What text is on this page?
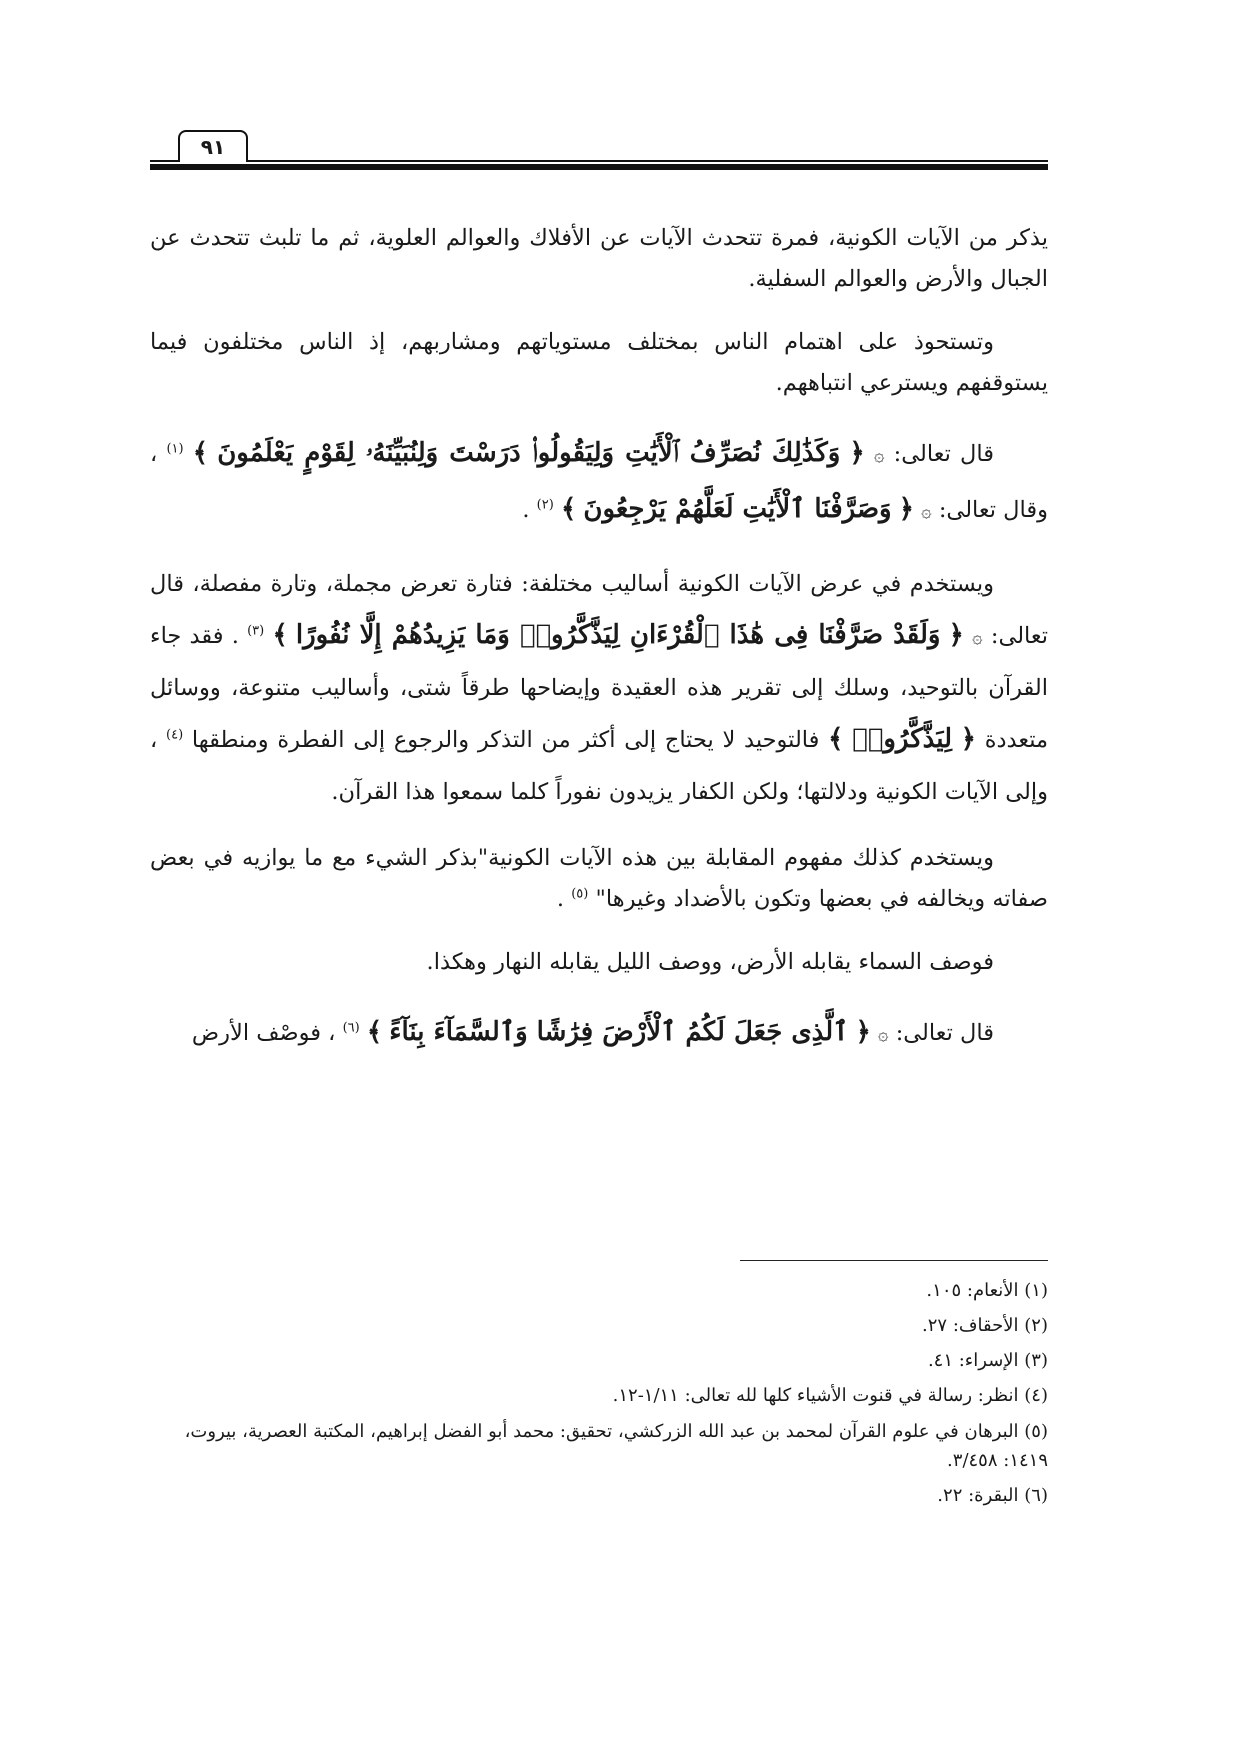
٩١

يذكر من الآيات الكونية، فمرة تتحدث الآيات عن الأفلاك والعوالم العلوية، ثم ما تلبث تتحدث عن الجبال والأرض والعوالم السفلية.

وتستحوذ على اهتمام الناس بمختلف مستوياتهم ومشاربهم، إذ الناس مختلفون فيما يستوقفهم ويسترعي انتباههم.

قال تعالى: ۞ ﴿ وَكَذَٰلِكَ نُصَرِّفُ ٱلْأَيَٰتِ وَلِيَقُولُوا۟ دَرَسْتَ وَلِنُبَيِّنَهُۥ لِقَوْمٍ يَعْلَمُونَ ﴾ $^{(١)}$ ، وقال تعالى: ۞ ﴿ وَصَرَّفْنَا ٱلْأَيَٰتِ لَعَلَّهُمْ يَرْجِعُونَ ﴾ $^{(٢)}$ .

ويستخدم في عرض الآيات الكونية أساليب مختلفة: فتارة تعرض مجملة، وتارة مفصلة، قال تعالى: ۞ ﴿ وَلَقَدْ صَرَّفْنَا فِى هَٰذَا ٱلْقُرْءَانِ لِيَذَّكَّرُوا۟ وَمَا يَزِيدُهُمْ إِلَّا نُفُورًا ﴾ $^{(٣)}$ . فقد جاء القرآن بالتوحيد، وسلك إلى تقرير هذه العقيدة وإيضاحها طرقاً شتى، وأساليب متنوعة، ووسائل متعددة ﴿ لِيَذَّكَّرُوا۟ ﴾ فالتوحيد لا يحتاج إلى أكثر من التذكر والرجوع إلى الفطرة ومنطقها $^{(٤)}$ ، وإلى الآيات الكونية ودلالتها؛ ولكن الكفار يزيدون نفوراً كلما سمعوا هذا القرآن.

ويستخدم كذلك مفهوم المقابلة بين هذه الآيات الكونية"بذكر الشيء مع ما يوازيه في بعض صفاته ويخالفه في بعضها وتكون بالأضداد وغيرها" $^{(٥)}$ .

فوصف السماء يقابله الأرض، ووصف الليل يقابله النهار وهكذا.

قال تعالى: ۞ ﴿ ٱلَّذِى جَعَلَ لَكُمُ ٱلْأَرْضَ فِرَٰشًا وَٱلسَّمَآءَ بِنَآءً ﴾ $^{(٦)}$ ، فوصْف الأرض

(١) الأنعام: ١٠٥.
(٢) الأحقاف: ٢٧.
(٣) الإسراء: ٤١.
(٤) انظر: رسالة في قنوت الأشياء كلها لله تعالى: ١/١١-١٢.
(٥) البرهان في علوم القرآن لمحمد بن عبد الله الزركشي، تحقيق: محمد أبو الفضل إبراهيم، المكتبة العصرية، بيروت، ١٤١٩: ٣/٤٥٨.
(٦) البقرة: ٢٢.
